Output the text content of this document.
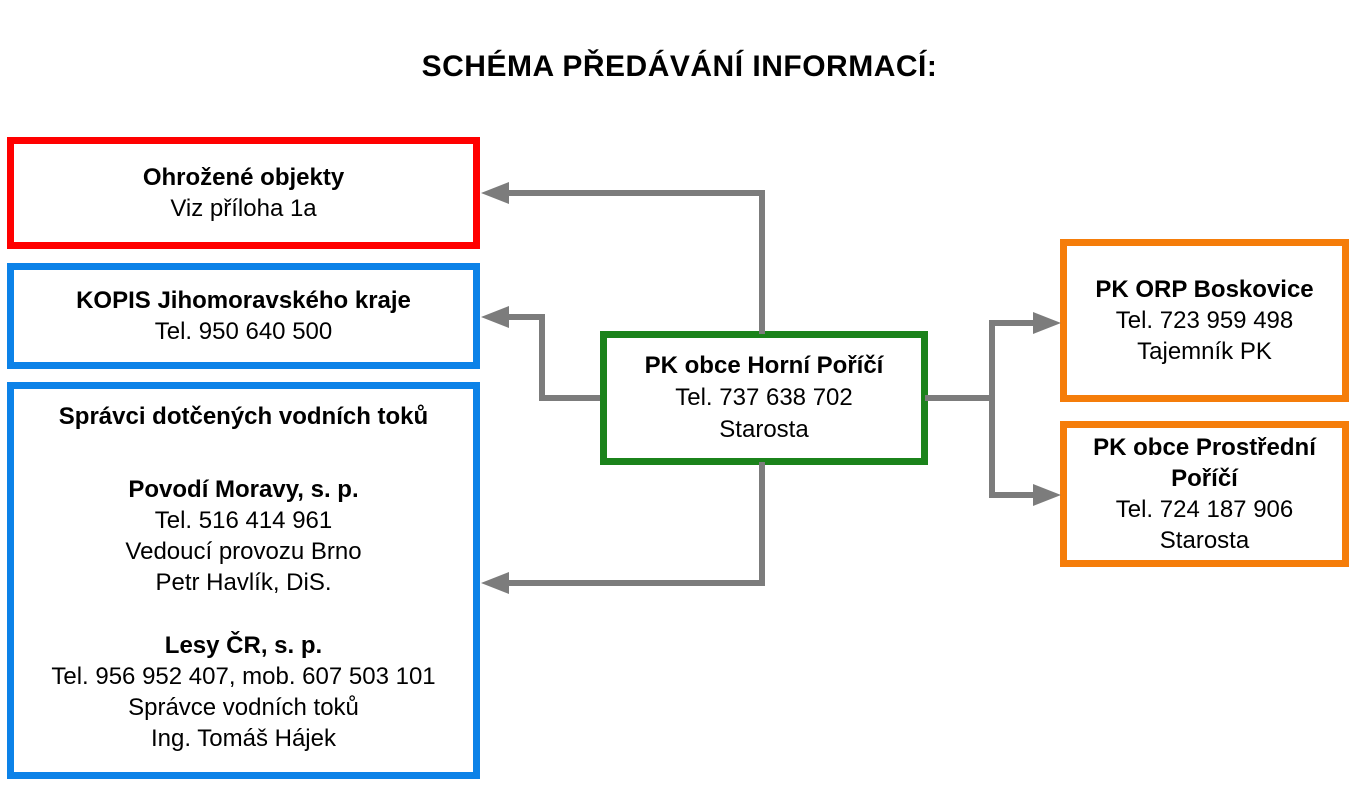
SCHÉMA PŘEDÁVÁNÍ INFORMACÍ:
Ohrožené objekty
Viz příloha 1a
KOPIS Jihomoravského kraje
Tel. 950 640 500
Správci dotčených vodních toků
Povodí Moravy, s. p.
Tel. 516 414 961
Vedoucí provozu Brno
Petr Havlík, DiS.
Lesy ČR, s. p.
Tel. 956 952 407, mob. 607 503 101
Správce vodních toků
Ing. Tomáš Hájek
PK obce Horní Poříčí
Tel. 737 638 702
Starosta
PK ORP Boskovice
Tel. 723 959 498
Tajemník PK
PK obce Prostřední Poříčí
Tel. 724 187 906
Starosta
